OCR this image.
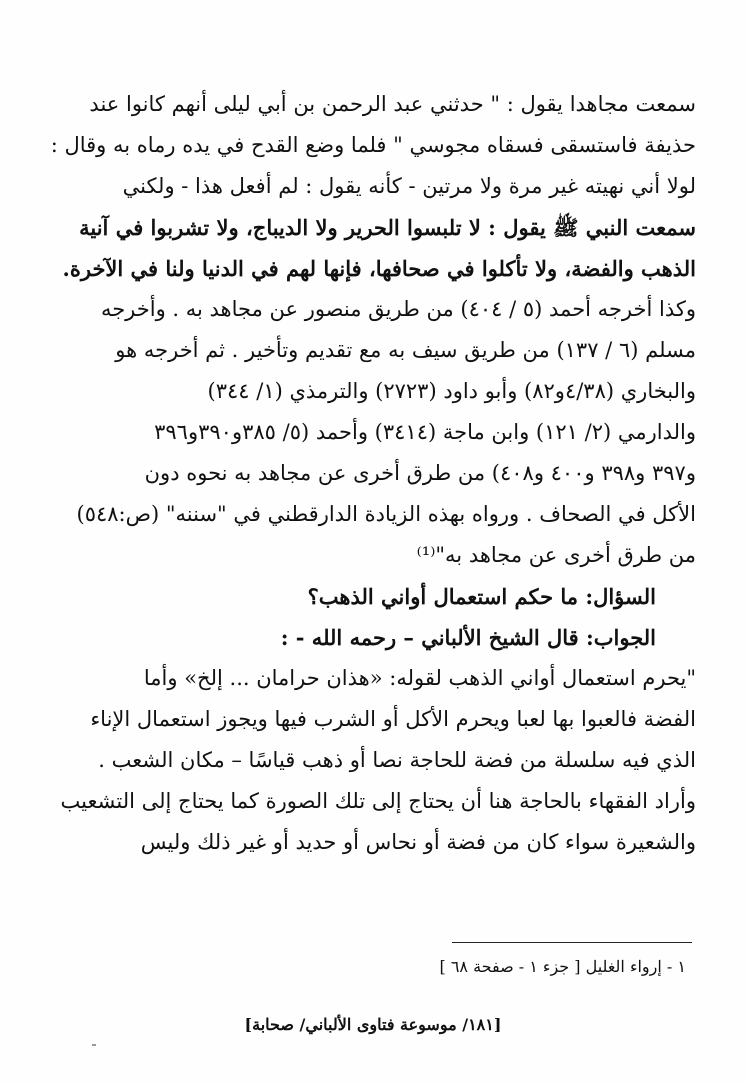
سمعت مجاهدا يقول : " حدثني عبد الرحمن بن أبي ليلى أنهم كانوا عند
حذيفة فاستسقى فسقاه مجوسي " فلما وضع القدح في يده رماه به وقال :
لولا أني نهيته غير مرة ولا مرتين - كأنه يقول : لم أفعل هذا - ولكني
سمعت النبي ﷺ يقول : لا تلبسوا الحرير ولا الديباج، ولا تشربوا في آنية
الذهب والفضة، ولا تأكلوا في صحافها، فإنها لهم في الدنيا ولنا في الآخرة.
وكذا أخرجه أحمد (٥ / ٤٠٤) من طريق منصور عن مجاهد به . وأخرجه
مسلم (٦ / ١٣٧) من طريق سيف به مع تقديم وتأخير . ثم أخرجه هو
والبخاري (٤/٣٨و٨٢) وأبو داود (٢٧٢٣) والترمذي (١/ ٣٤٤)
والدارمي (٢/ ١٢١) وابن ماجة (٣٤١٤) وأحمد (٥/ ٣٨٥و٣٩٠و٣٩٦
و٣٩٧ و٣٩٨ و٤٠٠ و٤٠٨) من طرق أخرى عن مجاهد به نحوه دون
الأكل في الصحاف . ورواه بهذه الزيادة الدارقطني في "سننه" (ص:٥٤٨)
من طرق أخرى عن مجاهد به"⁽¹⁾
السؤال: ما حكم استعمال أواني الذهب؟
الجواب: قال الشيخ الألباني – رحمه الله - :
"يحرم استعمال أواني الذهب لقوله: «هذان حرامان ... إلخ» وأما
الفضة فالعبوا بها لعبا ويحرم الأكل أو الشرب فيها ويجوز استعمال الإناء
الذي فيه سلسلة من فضة للحاجة نصا أو ذهب قياسًا – مكان الشعب .
وأراد الفقهاء بالحاجة هنا أن يحتاج إلى تلك الصورة كما يحتاج إلى التشعيب
والشعيرة سواء كان من فضة أو نحاس أو حديد أو غير ذلك وليس
١ - إرواء الغليل [ جزء ١ - صفحة ٦٨ ]
[١٨١/ موسوعة فتاوى الألباني/ صحابة]
